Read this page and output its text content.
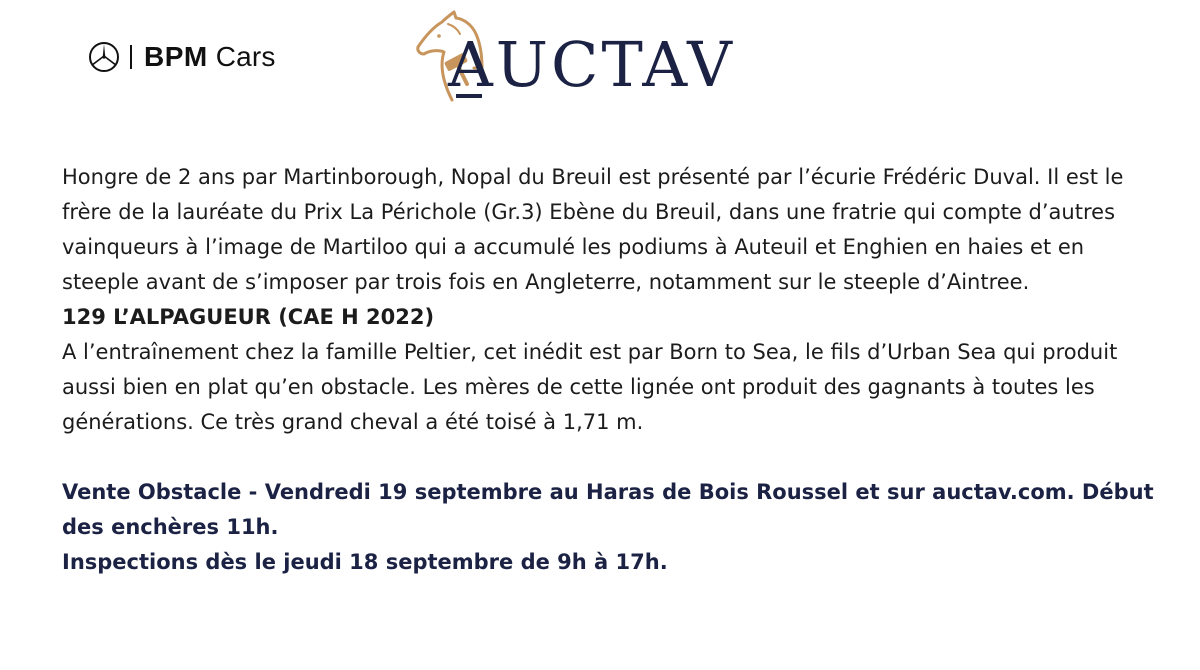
BPM Cars	AUCTAV

Hongre de 2 ans par Martinborough, Nopal du Breuil est présenté par l’écurie Frédéric Duval. Il est le frère de la lauréate du Prix La Périchole (Gr.3) Ebène du Breuil, dans une fratrie qui compte d’autres vainqueurs à l’image de Martiloo qui a accumulé les podiums à Auteuil et Enghien en haies et en steeple avant de s’imposer par trois fois en Angleterre, notamment sur le steeple d’Aintree.

129 L’ALPAGUEUR (CAE H 2022)

A l’entraînement chez la famille Peltier, cet inédit est par Born to Sea, le fils d’Urban Sea qui produit aussi bien en plat qu’en obstacle. Les mères de cette lignée ont produit des gagnants à toutes les générations. Ce très grand cheval a été toisé à 1,71 m.

Vente Obstacle - Vendredi 19 septembre au Haras de Bois Roussel et sur auctav.com. Début des enchères 11h.

Inspections dès le jeudi 18 septembre de 9h à 17h.
